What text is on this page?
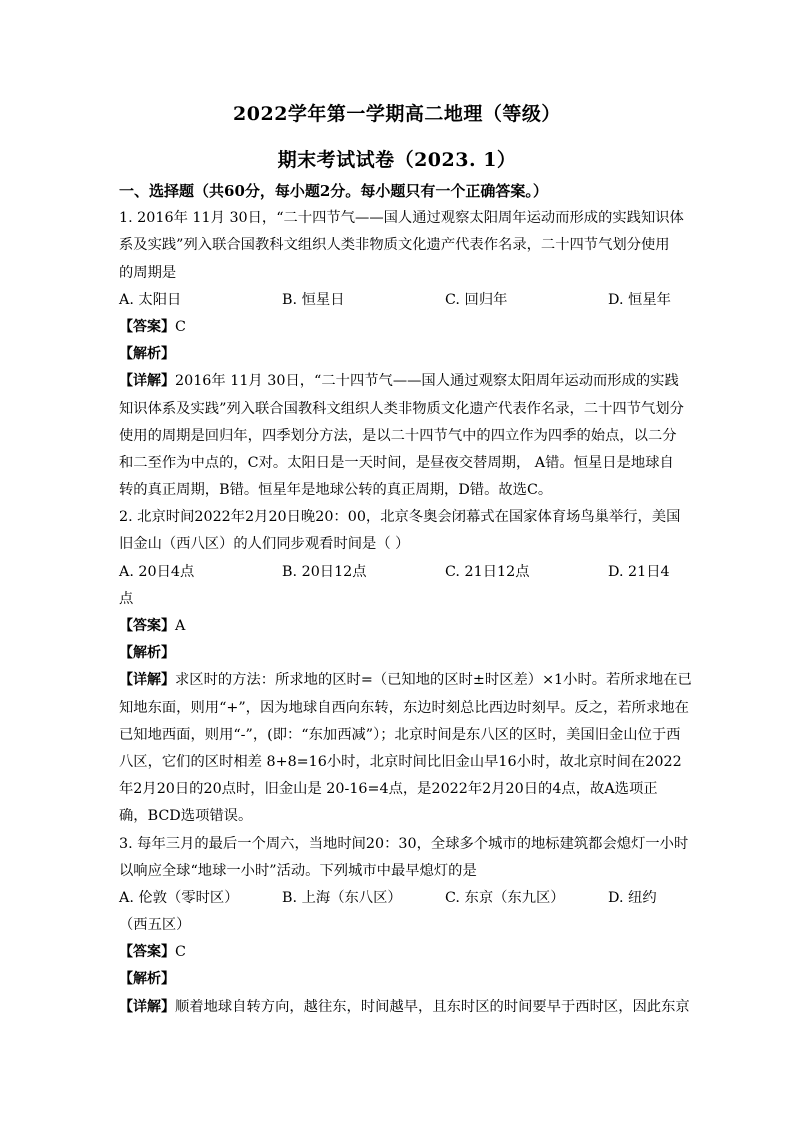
2022学年第一学期高二地理（等级）
期末考试试卷（2023. 1）
一、选择题（共60分，每小题2分。每小题只有一个正确答案。）
1. 2016年 11月 30日，“二十四节气——国人通过观察太阳周年运动而形成的实践知识体
系及实践”列入联合国教科文组织人类非物质文化遗产代表作名录，二十四节气划分使用
的周期是
A. 太阳日	B. 恒星日	C. 回归年	D. 恒星年
【答案】C
【解析】
【详解】2016年 11月 30日，“二十四节气——国人通过观察太阳周年运动而形成的实践
知识体系及实践”列入联合国教科文组织人类非物质文化遗产代表作名录，二十四节气划分
使用的周期是回归年，四季划分方法，是以二十四节气中的四立作为四季的始点，以二分
和二至作为中点的，C对。太阳日是一天时间，是昼夜交替周期， A错。恒星日是地球自
转的真正周期，B错。恒星年是地球公转的真正周期，D错。故选C。
2. 北京时间2022年2月20日晚20：00，北京冬奥会闭幕式在国家体育场鸟巢举行，美国
旧金山（西八区）的人们同步观看时间是（ ）
A. 20日4点	B. 20日12点	C. 21日12点	D. 21日4
点
【答案】A
【解析】
【详解】求区时的方法：所求地的区时=（已知地的区时±时区差）×1小时。若所求地在已
知地东面，则用“+”，因为地球自西向东转，东边时刻总比西边时刻早。反之，若所求地在
已知地西面，则用“-”，(即：“东加西减”）；北京时间是东八区的区时，美国旧金山位于西
八区，它们的区时相差 8+8=16小时，北京时间比旧金山早16小时，故北京时间在2022
年2月20日的20点时，旧金山是 20-16=4点，是2022年2月20日的4点，故A选项正
确，BCD选项错误。
3. 每年三月的最后一个周六，当地时间20：30，全球多个城市的地标建筑都会熄灯一小时
以响应全球“地球一小时”活动。下列城市中最早熄灯的是
A. 伦敦（零时区）	B. 上海（东八区）	C. 东京（东九区）	D. 纽约
（西五区）
【答案】C
【解析】
【详解】顺着地球自转方向，越往东，时间越早，且东时区的时间要早于西时区，因此东京
